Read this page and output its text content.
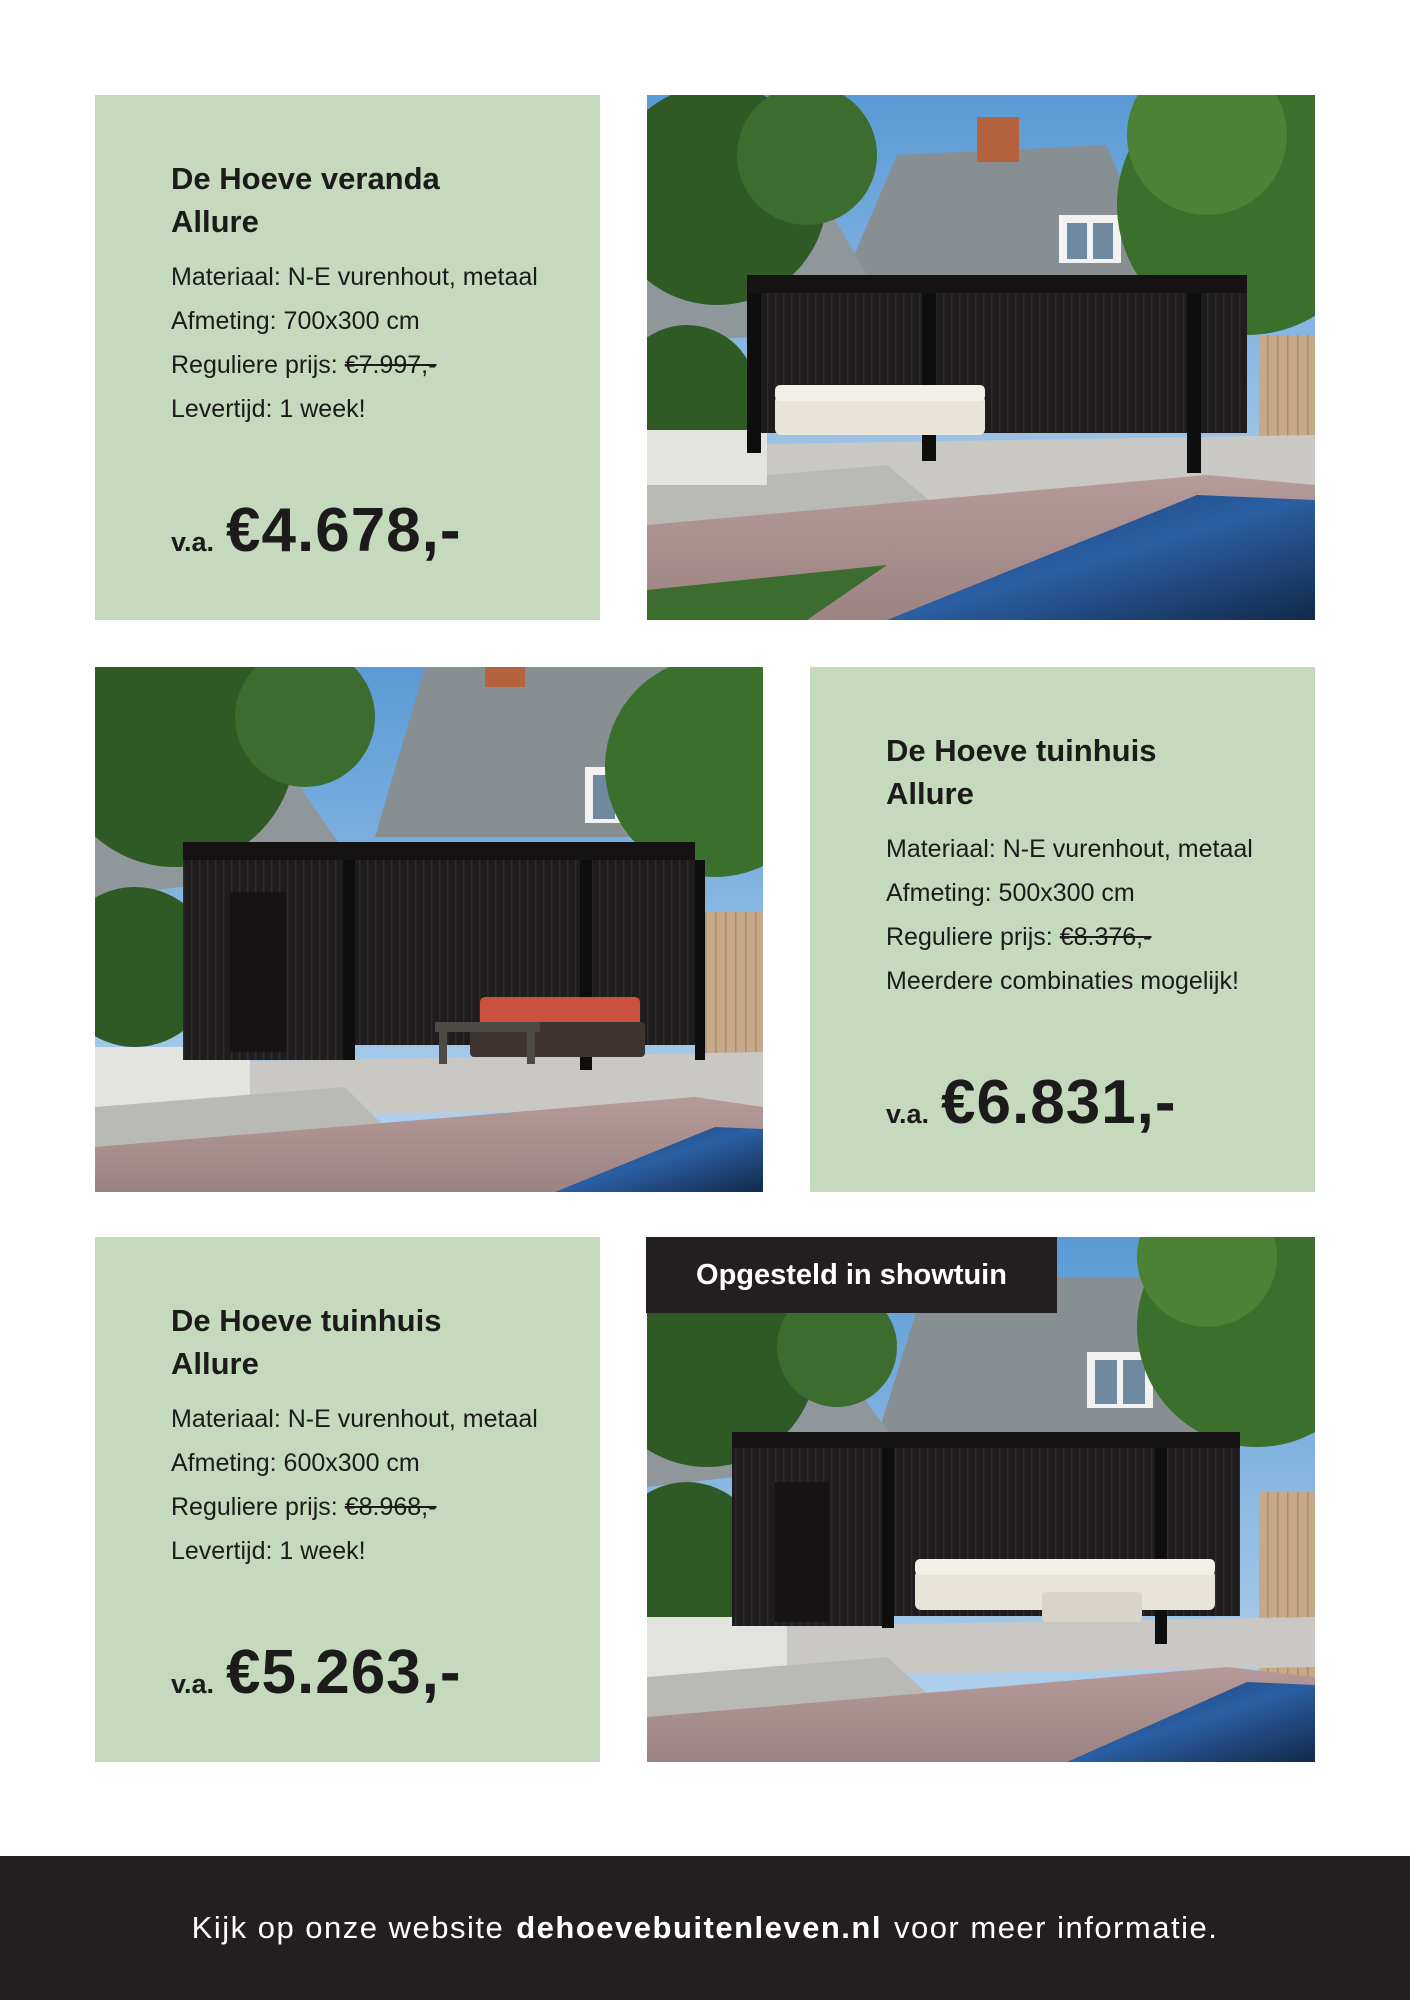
De Hoeve veranda
Allure
Materiaal: N-E vurenhout, metaal
Afmeting: 700x300 cm
Reguliere prijs: €7.997,-
Levertijd: 1 week!
v.a. €4.678,-
De Hoeve tuinhuis
Allure
Materiaal: N-E vurenhout, metaal
Afmeting: 500x300 cm
Reguliere prijs: €8.376,-
Meerdere combinaties mogelijk!
v.a. €6.831,-
De Hoeve tuinhuis
Allure
Materiaal: N-E vurenhout, metaal
Afmeting: 600x300 cm
Reguliere prijs: €8.968,-
Levertijd: 1 week!
v.a. €5.263,-
Opgesteld in showtuin
Kijk op onze website dehoevebuitenleven.nl voor meer informatie.
